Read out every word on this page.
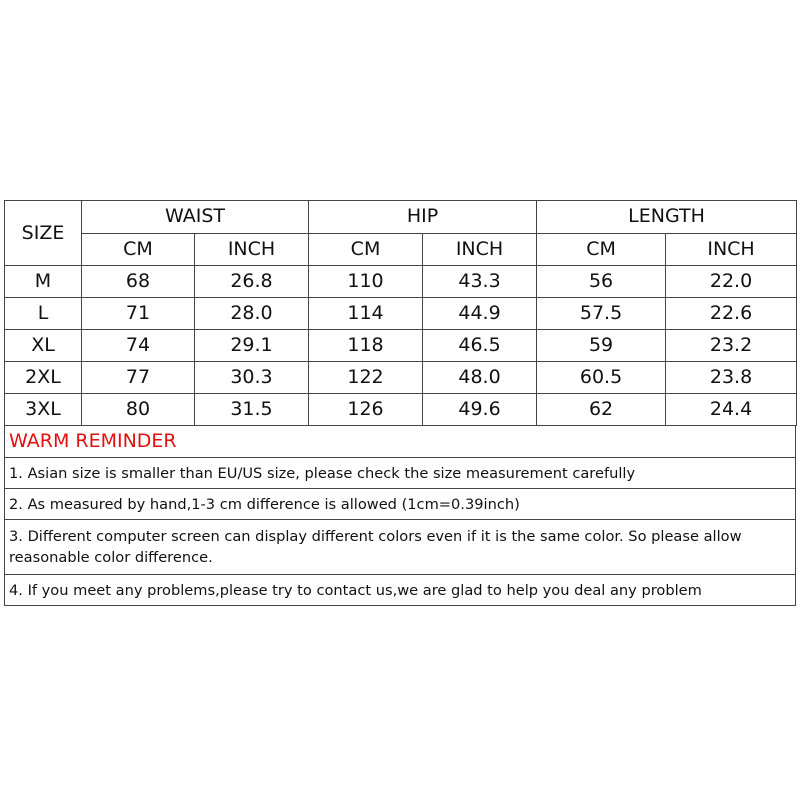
SIZE	WAIST		HIP		LENGTH	
	CM	INCH	CM	INCH	CM	INCH
M	68	26.8	110	43.3	56	22.0
L	71	28.0	114	44.9	57.5	22.6
XL	74	29.1	118	46.5	59	23.2
2XL	77	30.3	122	48.0	60.5	23.8
3XL	80	31.5	126	49.6	62	24.4
WARM REMINDER
1. Asian size is smaller than EU/US size, please check the size measurement carefully
2. As measured by hand,1-3 cm difference is allowed (1cm=0.39inch)
3. Different computer screen can display different colors even if it is the same color. So please allow reasonable color difference.
4. If you meet any problems,please try to contact us,we are glad to help you deal any problem
